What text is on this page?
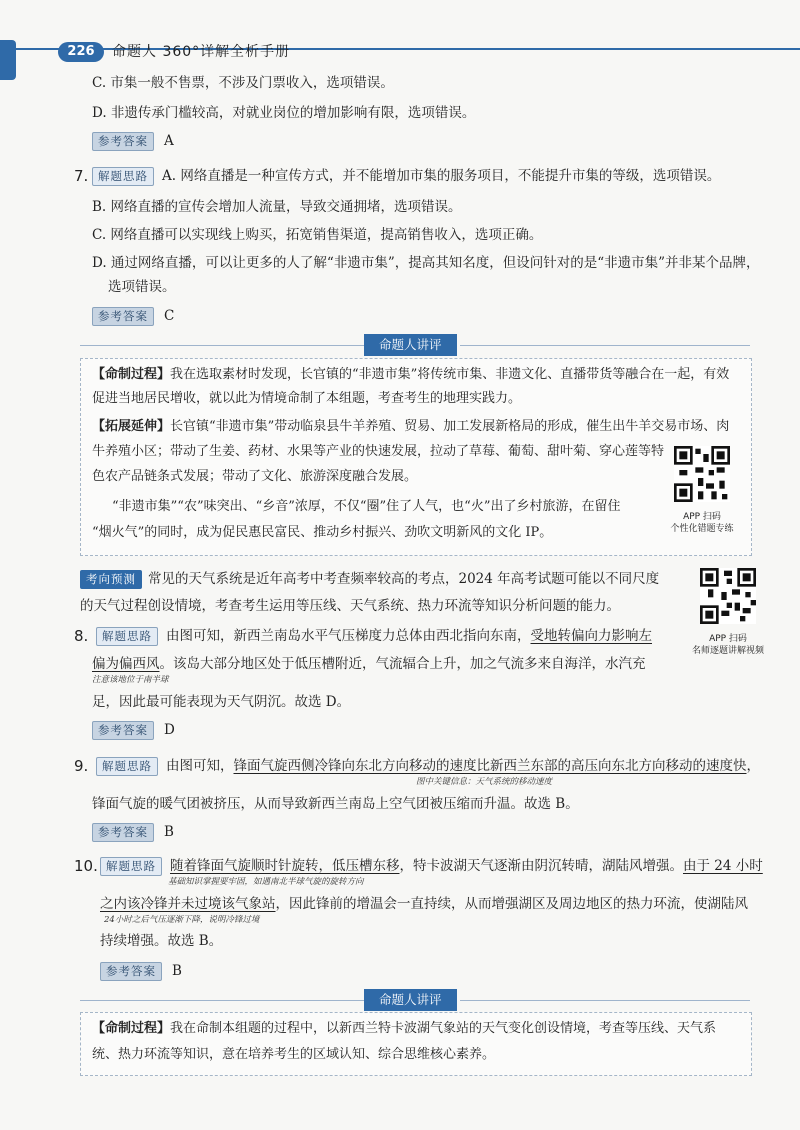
226	命题人 360°详解全析手册
C. 市集一般不售票，不涉及门票收入，选项错误。
D. 非遗传承门槛较高，对就业岗位的增加影响有限，选项错误。
参考答案	A
7. 解题思路	A. 网络直播是一种宣传方式，并不能增加市集的服务项目，不能提升市集的等级，选项错误。
B. 网络直播的宣传会增加人流量，导致交通拥堵，选项错误。
C. 网络直播可以实现线上购买，拓宽销售渠道，提高销售收入，选项正确。
D. 通过网络直播，可以让更多的人了解“非遗市集”，提高其知名度，但设问针对的是“非遗市集”并非某个品牌，
选项错误。
参考答案	C
命题人讲评
【命制过程】我在选取素材时发现，长官镇的“非遗市集”将传统市集、非遗文化、直播带货等融合在一起，有效
促进当地居民增收，就以此为情境命制了本组题，考查考生的地理实践力。
【拓展延伸】长官镇“非遗市集”带动临泉县牛羊养殖、贸易、加工发展新格局的形成，催生出牛羊交易市场、肉
牛养殖小区；带动了生姜、药材、水果等产业的快速发展，拉动了草莓、葡萄、甜叶菊、穿心莲等特
色农产品链条式发展；带动了文化、旅游深度融合发展。
“非遗市集”“农”味突出、“乡音”浓厚，不仅“圈”住了人气，也“火”出了乡村旅游，在留住
“烟火气”的同时，成为促民惠民富民、推动乡村振兴、劲吹文明新风的文化 IP。
APP 扫码
个性化错题专练
考向预测 常见的天气系统是近年高考中考查频率较高的考点，2024 年高考试题可能以不同尺度
的天气过程创设情境，考查考生运用等压线、天气系统、热力环流等知识分析问题的能力。
APP 扫码
名师逐题讲解视频
8.	解题思路	由图可知，新西兰南岛水平气压梯度力总体由西北指向东南，受地转偏向力影响左
偏为偏西风。该岛大部分地区处于低压槽附近，气流辐合上升，加之气流多来自海洋，水汽充
注意该地位于南半球
足，因此最可能表现为天气阴沉。故选 D。
参考答案	D
9.	解题思路	由图可知，锋面气旋西侧冷锋向东北方向移动的速度比新西兰东部的高压向东北方向移动的速度快，
图中关键信息：天气系统的移动速度
锋面气旋的暖气团被挤压，从而导致新西兰南岛上空气团被压缩而升温。故选 B。
参考答案	B
10. 解题思路	随着锋面气旋顺时针旋转，低压槽东移，特卡波湖天气逐渐由阴沉转晴，湖陆风增强。由于 24 小时
基础知识掌握要牢固，如遇南北半球气旋的旋转方向
之内该冷锋并未过境该气象站，因此锋前的增温会一直持续，从而增强湖区及周边地区的热力环流，使湖陆风
24小时之后气压逐渐下降，说明冷锋过境
持续增强。故选 B。
参考答案	B
命题人讲评
【命制过程】我在命制本组题的过程中，以新西兰特卡波湖气象站的天气变化创设情境，考查等压线、天气系
统、热力环流等知识，意在培养考生的区域认知、综合思维核心素养。
